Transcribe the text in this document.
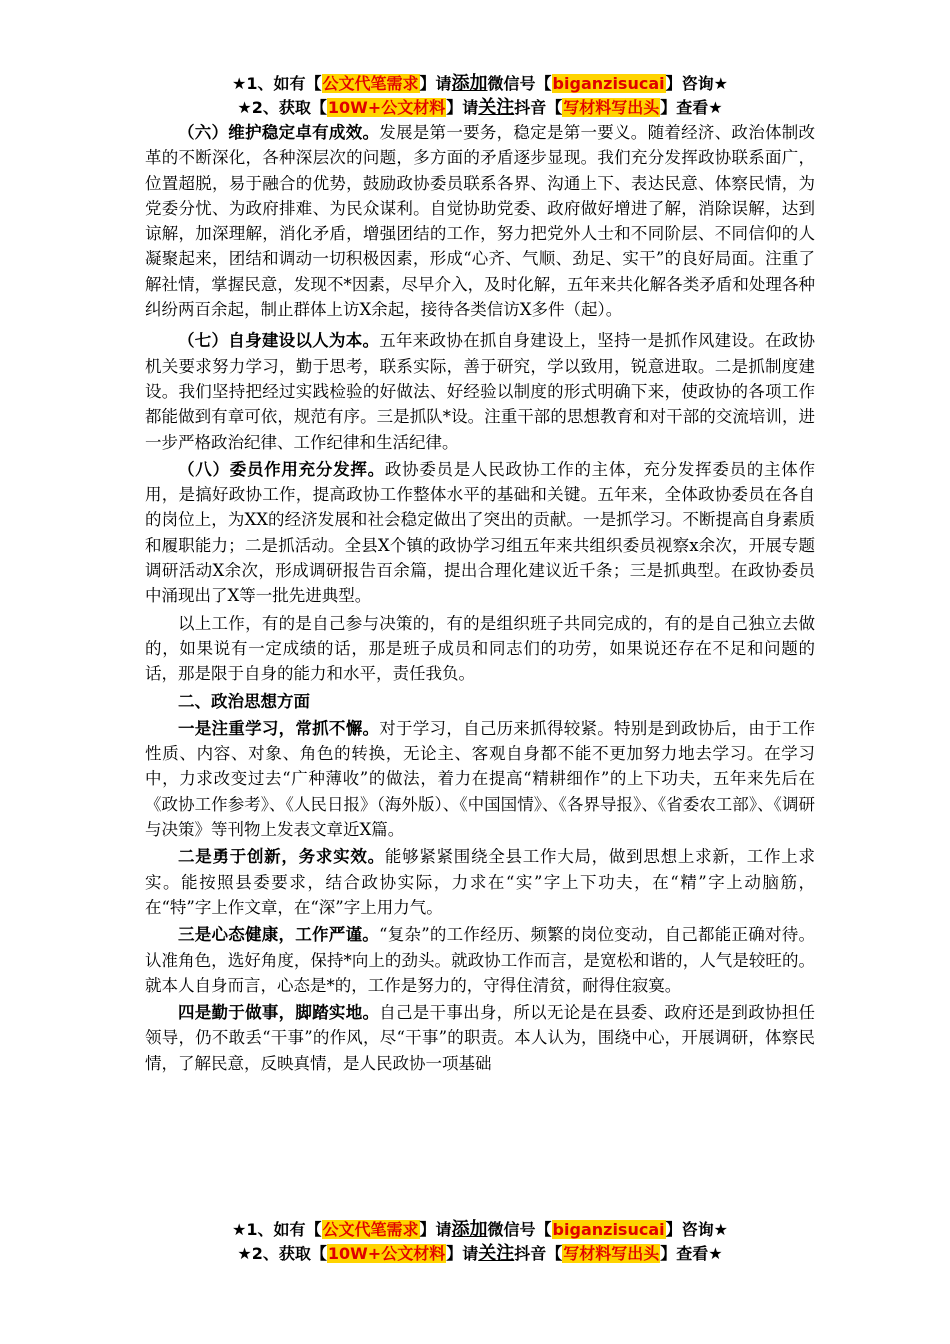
★1、如有【公文代笔需求】请添加微信号【biganzisucai】咨询★
★2、获取【10W+公文材料】请关注抖音【写材料写出头】查看★

（六）维护稳定卓有成效。发展是第一要务，稳定是第一要义。随着经济、政治体制改革的不断深化，各种深层次的问题，多方面的矛盾逐步显现。我们充分发挥政协联系面广，位置超脱，易于融合的优势，鼓励政协委员联系各界、沟通上下、表达民意、体察民情，为党委分忧、为政府排难、为民众谋利。自觉协助党委、政府做好增进了解，消除误解，达到谅解，加深理解，消化矛盾，增强团结的工作，努力把党外人士和不同阶层、不同信仰的人凝聚起来，团结和调动一切积极因素，形成“心齐、气顺、劲足、实干”的良好局面。注重了解社情，掌握民意，发现不*因素，尽早介入，及时化解，五年来共化解各类矛盾和处理各种纠纷两百余起，制止群体上访X余起，接待各类信访X多件（起）。

（七）自身建设以人为本。五年来政协在抓自身建设上，坚持一是抓作风建设。在政协机关要求努力学习，勤于思考，联系实际，善于研究，学以致用，锐意进取。二是抓制度建设。我们坚持把经过实践检验的好做法、好经验以制度的形式明确下来，使政协的各项工作都能做到有章可依，规范有序。三是抓队*设。注重干部的思想教育和对干部的交流培训，进一步严格政治纪律、工作纪律和生活纪律。

（八）委员作用充分发挥。政协委员是人民政协工作的主体，充分发挥委员的主体作用，是搞好政协工作，提高政协工作整体水平的基础和关键。五年来，全体政协委员在各自的岗位上，为XX的经济发展和社会稳定做出了突出的贡献。一是抓学习。不断提高自身素质和履职能力；二是抓活动。全县X个镇的政协学习组五年来共组织委员视察x余次，开展专题调研活动X余次，形成调研报告百余篇，提出合理化建议近千条；三是抓典型。在政协委员中涌现出了X等一批先进典型。

以上工作，有的是自己参与决策的，有的是组织班子共同完成的，有的是自己独立去做的，如果说有一定成绩的话，那是班子成员和同志们的功劳，如果说还存在不足和问题的话，那是限于自身的能力和水平，责任我负。

二、政治思想方面

一是注重学习，常抓不懈。对于学习，自己历来抓得较紧。特别是到政协后，由于工作性质、内容、对象、角色的转换，无论主、客观自身都不能不更加努力地去学习。在学习中，力求改变过去“广种薄收”的做法，着力在提高“精耕细作”的上下功夫，五年来先后在《政协工作参考》、《人民日报》（海外版）、《中国国情》、《各界导报》、《省委农工部》、《调研与决策》等刊物上发表文章近X篇。

二是勇于创新，务求实效。能够紧紧围绕全县工作大局，做到思想上求新，工作上求实。能按照县委要求，结合政协实际，力求在“实”字上下功夫，在“精”字上动脑筋，在“特”字上作文章，在“深”字上用力气。

三是心态健康，工作严谨。“复杂”的工作经历、频繁的岗位变动，自己都能正确对待。认准角色，选好角度，保持*向上的劲头。就政协工作而言，是宽松和谐的，人气是较旺的。就本人自身而言，心态是*的，工作是努力的，守得住清贫，耐得住寂寞。

四是勤于做事，脚踏实地。自己是干事出身，所以无论是在县委、政府还是到政协担任领导，仍不敢丢“干事”的作风，尽“干事”的职责。本人认为，围绕中心，开展调研，体察民情，了解民意，反映真情，是人民政协一项基础

★1、如有【公文代笔需求】请添加微信号【biganzisucai】咨询★
★2、获取【10W+公文材料】请关注抖音【写材料写出头】查看★
